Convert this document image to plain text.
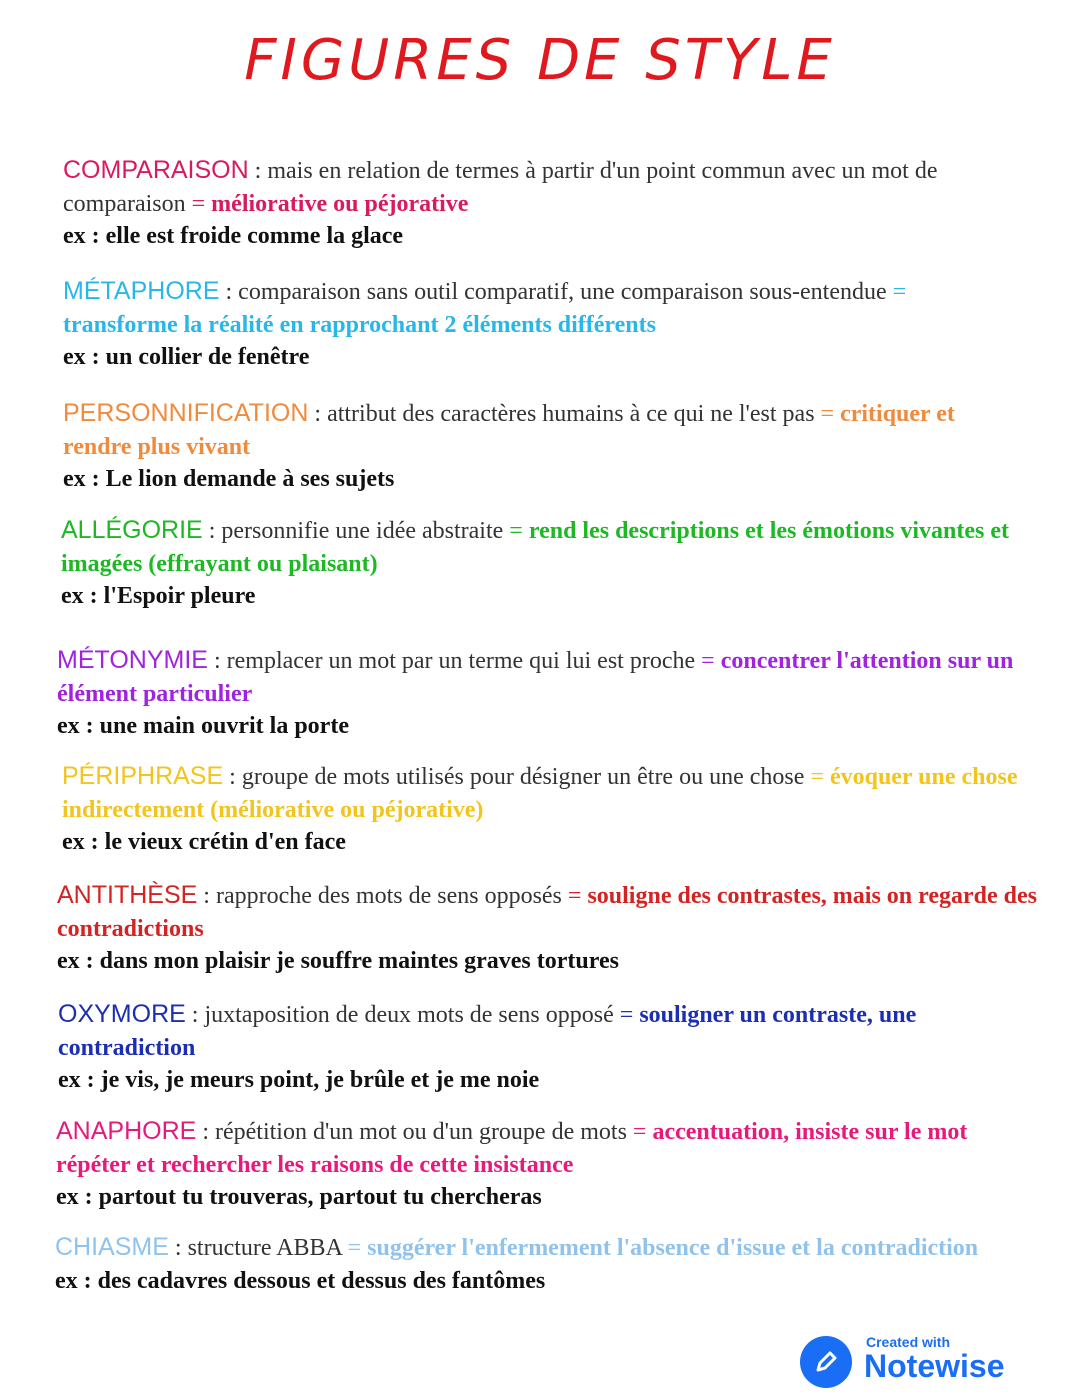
FIGURES DE STYLE
COMPARAISON : mais en relation de termes à partir d'un point commun avec un mot de comparaison = méliorative ou péjorative
ex : elle est froide comme la glace
MÉTAPHORE : comparaison sans outil comparatif, une comparaison sous-entendue = transforme la réalité en rapprochant 2 éléments différents
ex : un collier de fenêtre
PERSONNIFICATION : attribut des caractères humains à ce qui ne l'est pas = critiquer et rendre plus vivant
ex : Le lion demande à ses sujets
ALLÉGORIE : personnifie une idée abstraite = rend les descriptions et les émotions vivantes et imagées (effrayant ou plaisant)
ex : l'Espoir pleure
MÉTONYMIE : remplacer un mot par un terme qui lui est proche = concentrer l'attention sur un élément particulier
ex : une main ouvrit la porte
PÉRIPHRASE : groupe de mots utilisés pour désigner un être ou une chose = évoquer une chose indirectement (méliorative ou péjorative)
ex : le vieux crétin d'en face
ANTITHÈSE : rapproche des mots de sens opposés = souligne des contrastes, mais on regarde des contradictions
ex : dans mon plaisir je souffre maintes graves tortures
OXYMORE : juxtaposition de deux mots de sens opposé = souligner un contraste, une contradiction
ex : je vis, je meurs point, je brûle et je me noie
ANAPHORE : répétition d'un mot ou d'un groupe de mots = accentuation, insiste sur le mot répéter et rechercher les raisons de cette insistance
ex : partout tu trouveras, partout tu chercheras
CHIASME : structure ABBA = suggérer l'enfermement l'absence d'issue et la contradiction
ex : des cadavres dessous et dessus des fantômes
Created with
Notewise
